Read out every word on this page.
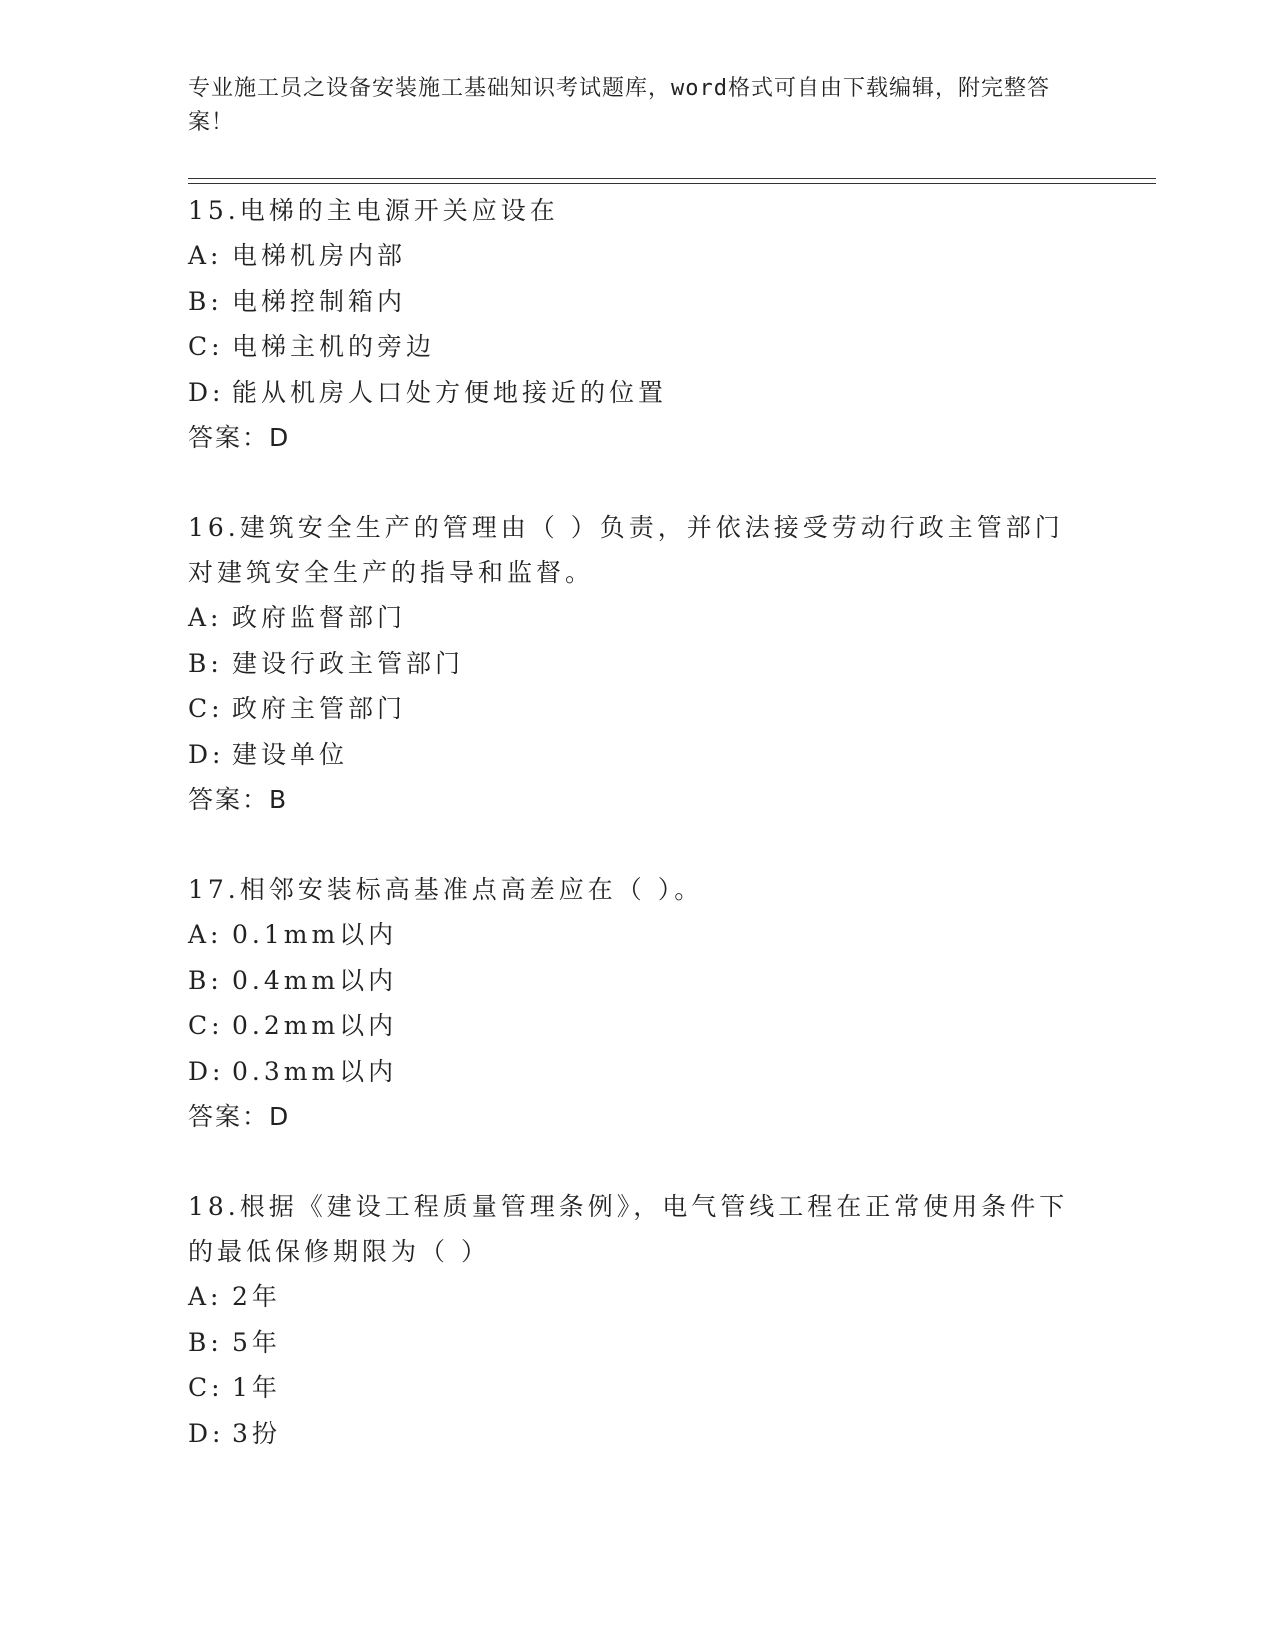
专业施工员之设备安装施工基础知识考试题库，word格式可自由下载编辑，附完整答案！
15.电梯的主电源开关应设在
A: 电梯机房内部
B: 电梯控制箱内
C: 电梯主机的旁边
D: 能从机房人口处方便地接近的位置
答案：D
16.建筑安全生产的管理由（ ）负责，并依法接受劳动行政主管部门对建筑安全生产的指导和监督。
A: 政府监督部门
B: 建设行政主管部门
C: 政府主管部门
D: 建设单位
答案：B
17.相邻安装标高基准点高差应在（ ）。
A: 0.1mm以内
B: 0.4mm以内
C: 0.2mm以内
D: 0.3mm以内
答案：D
18.根据《建设工程质量管理条例》，电气管线工程在正常使用条件下的最低保修期限为（ ）
A: 2年
B: 5年
C: 1年
D: 3扮
